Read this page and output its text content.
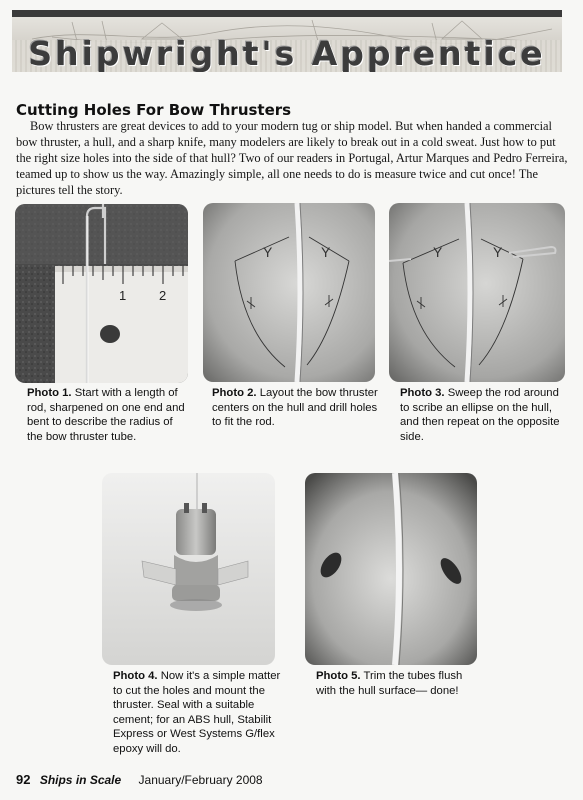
Shipwright's Apprentice
Cutting Holes For Bow Thrusters
Bow thrusters are great devices to add to your modern tug or ship model. But when handed a commercial bow thruster, a hull, and a sharp knife, many modelers are likely to break out in a cold sweat. Just how to put the right size holes into the side of that hull? Two of our readers in Portugal, Artur Marques and Pedro Ferreira, teamed up to show us the way. Amazingly simple, all one needs to do is measure twice and cut once! The pictures tell the story.
1	2
Photo 1. Start with a length of rod, sharpened on one end and bent to describe the radius of the bow thruster tube.
Y	Y
Photo 2. Layout the bow thruster centers on the hull and drill holes to fit the rod.
Y	Y
Photo 3. Sweep the rod around to scribe an ellipse on the hull, and then repeat on the opposite side.
Photo 4. Now it's a simple matter to cut the holes and mount the thruster. Seal with a suitable cement; for an ABS hull, Stabilit Express or West Systems G/flex epoxy will do.
Photo 5. Trim the tubes flush with the hull surface— done!
92 Ships in Scale January/February 2008
